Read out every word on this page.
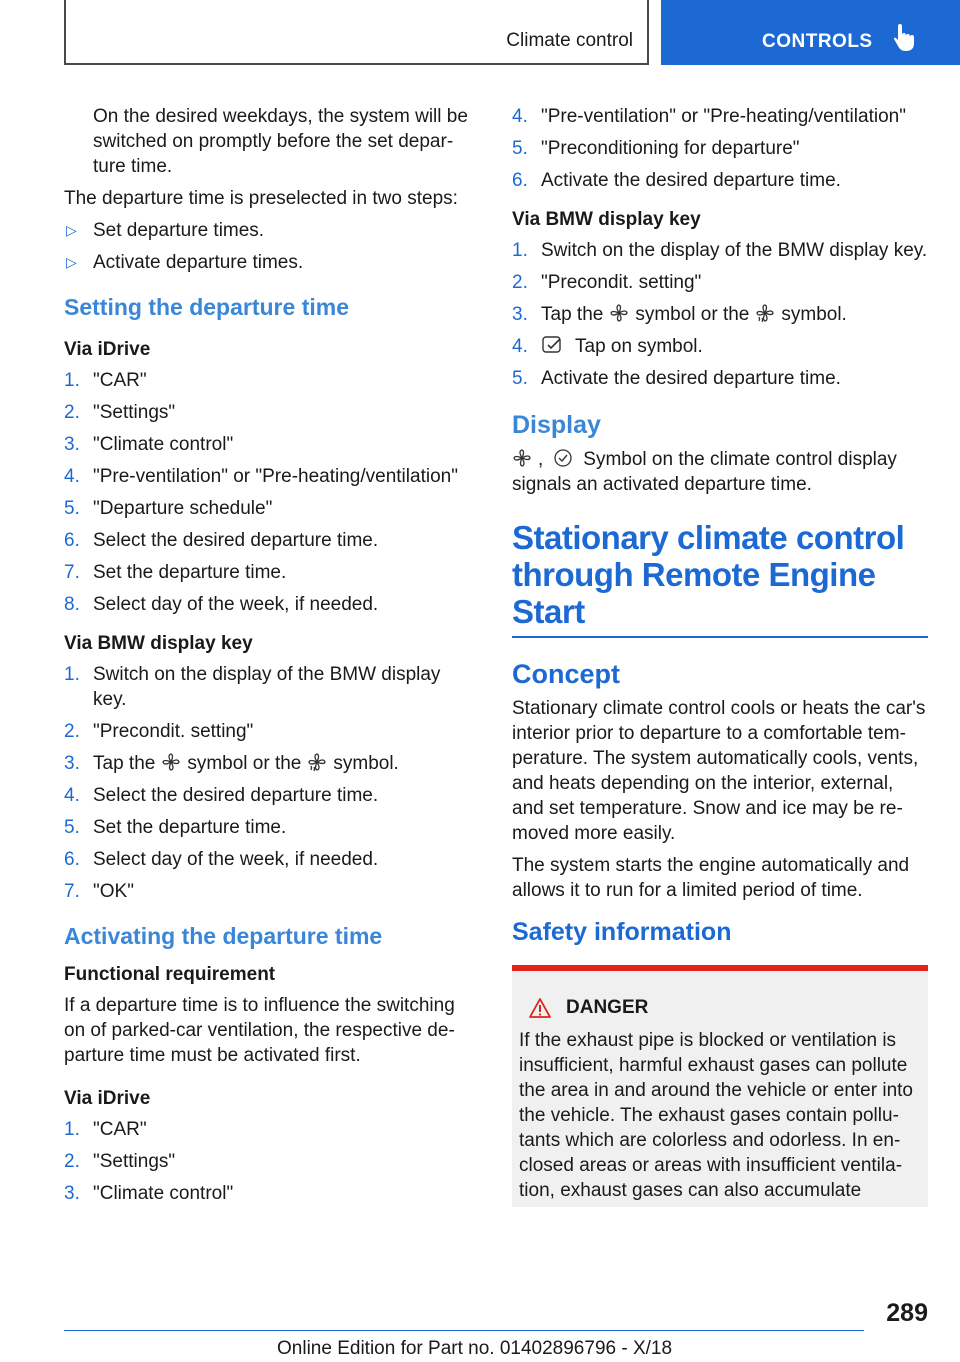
Climate control	CONTROLS

On the desired weekdays, the system will be switched on promptly before the set departure time.

The departure time is preselected in two steps:

▷ Set departure times.
▷ Activate departure times.
Setting the departure time
Via iDrive
1. "CAR"
2. "Settings"
3. "Climate control"
4. "Pre-ventilation" or "Pre-heating/ventilation"
5. "Departure schedule"
6. Select the desired departure time.
7. Set the departure time.
8. Select day of the week, if needed.
Via BMW display key
1. Switch on the display of the BMW display key.
2. "Precondit. setting"
3. Tap the symbol or the symbol.
4. Select the desired departure time.
5. Set the departure time.
6. Select day of the week, if needed.
7. "OK"
Activating the departure time
Functional requirement

If a departure time is to influence the switching on of parked-car ventilation, the respective departure time must be activated first.

Via iDrive
1. "CAR"
2. "Settings"
3. "Climate control"
4. "Pre-ventilation" or "Pre-heating/ventilation"
5. "Preconditioning for departure"
6. Activate the desired departure time.
Via BMW display key
1. Switch on the display of the BMW display key.
2. "Precondit. setting"
3. Tap the symbol or the symbol.
4. Tap on symbol.
5. Activate the desired departure time.
Display

, Symbol on the climate control display signals an activated departure time.

Stationary climate control through Remote Engine Start
Concept

Stationary climate control cools or heats the car's interior prior to departure to a comfortable temperature. The system automatically cools, vents, and heats depending on the interior, external, and set temperature. Snow and ice may be removed more easily.

The system starts the engine automatically and allows it to run for a limited period of time.

Safety information
DANGER

If the exhaust pipe is blocked or ventilation is insufficient, harmful exhaust gases can pollute the area in and around the vehicle or enter into the vehicle. The exhaust gases contain pollutants which are colorless and odorless. In enclosed areas or areas with insufficient ventilation, exhaust gases can also accumulate

289
Online Edition for Part no. 01402896796 - X/18
